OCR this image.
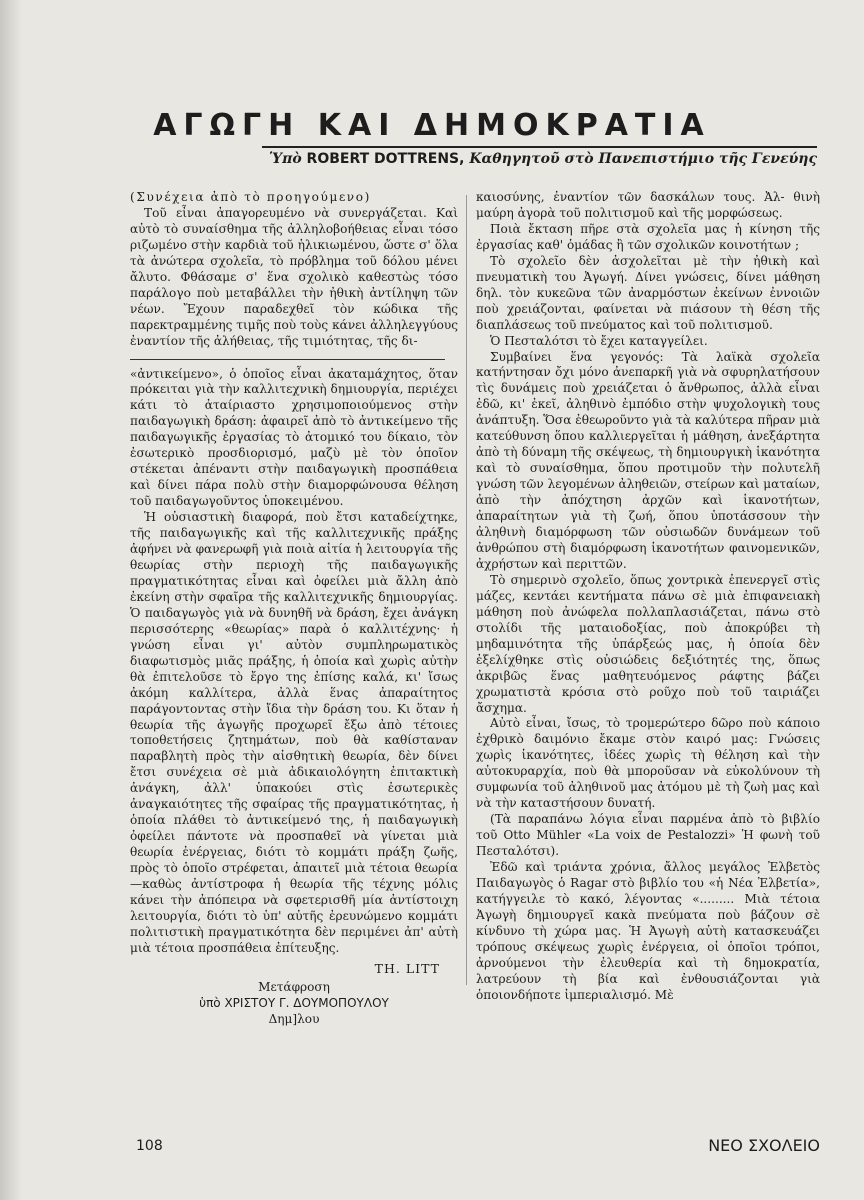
ΑΓΩΓΗ ΚΑΙ ΔΗΜΟΚΡΑΤΙΑ
Ὑπὸ ROBERT DOTTRENS, Καθηγητοῦ στὸ Πανεπιστήμιο τῆς Γενεύης

(Συνέχεια ἀπὸ τὸ προηγούμενο)

Τοῦ εἶναι ἀπαγορευμένο νὰ συνεργάζεται. Καὶ αὐτὸ τὸ συναίσθημα τῆς ἀλληλοβοήθειας εἶναι τόσο ριζωμένο στὴν καρδιὰ τοῦ ἡλικιωμένου, ὥστε σ' ὅλα τὰ ἀνώτερα σχολεῖα, τὸ πρόβλημα τοῦ δόλου μένει ἄλυτο. Φθάσαμε σ' ἕνα σχολικὸ καθεστὼς τόσο παράλογο ποὺ μεταβάλλει τὴν ἠθικὴ ἀντίληψη τῶν νέων. Ἔχουν παραδεχθεῖ τὸν κώδικα τῆς παρεκτραμμένης τιμῆς ποὺ τοὺς κάνει ἀλληλεγγύους ἐναντίον τῆς ἀλήθειας, τῆς τιμιότητας, τῆς δι-

«ἀντικείμενο», ὁ ὁποῖος εἶναι ἀκαταμάχητος, ὅταν πρόκειται γιὰ τὴν καλλιτεχνικὴ δημιουργία, περιέχει κάτι τὸ ἀταίριαστο χρησιμοποιούμενος στὴν παιδαγωγικὴ δράση: ἀφαιρεῖ ἀπὸ τὸ ἀντικείμενο τῆς παιδαγωγικῆς ἐργασίας τὸ ἀτομικό του δίκαιο, τὸν ἐσωτερικὸ προσδιορισμό, μαζὺ μὲ τὸν ὁποῖον στέκεται ἀπέναντι στὴν παιδαγωγικὴ προσπάθεια καὶ δίνει πάρα πολὺ στὴν διαμορφώνουσα θέληση τοῦ παιδαγωγοῦντος ὑποκειμένου.

Ἡ οὐσιαστικὴ διαφορά, ποὺ ἔτσι καταδείχτηκε, τῆς παιδαγωγικῆς καὶ τῆς καλλιτεχνικῆς πράξης ἀφήνει νὰ φανερωφῆ γιὰ ποιὰ αἰτία ἡ λειτουργία τῆς θεωρίας στὴν περιοχὴ τῆς παιδαγωγικῆς πραγματικότητας εἶναι καὶ ὀφείλει μιὰ ἄλλη ἀπὸ ἐκείνη στὴν σφαῖρα τῆς καλλιτεχνικῆς δημιουργίας. Ὁ παιδαγωγὸς γιὰ νὰ δυνηθῆ νὰ δράση, ἔχει ἀνάγκη περισσότερης «θεωρίας» παρὰ ὁ καλλιτέχνης· ἡ γνώση εἶναι γι' αὐτὸν συμπληρωματικὸς διαφωτισμὸς μιᾶς πράξης, ἡ ὁποία καὶ χωρὶς αὐτὴν θὰ ἐπιτελοῦσε τὸ ἔργο της ἐπίσης καλά, κι' ἴσως ἀκόμη καλλίτερα, ἀλλὰ ἕνας ἀπαραίτητος παράγοντοντας στὴν ἴδια τὴν δράση του. Κι ὅταν ἡ θεωρία τῆς ἀγωγῆς προχωρεῖ ἔξω ἀπὸ τέτοιες τοποθετήσεις ζητημάτων, ποὺ θὰ καθίσταναν παραβλητὴ πρὸς τὴν αἰσθητικὴ θεωρία, δὲν δίνει ἔτσι συνέχεια σὲ μιὰ ἀδικαιολόγητη ἐπιτακτικὴ ἀνάγκη, ἀλλ' ὑπακούει στὶς ἐσωτερικὲς ἀναγκαιότητες τῆς σφαίρας τῆς πραγματικότητας, ἡ ὁποία πλάθει τὸ ἀντικείμενό της, ἡ παιδαγωγικὴ ὀφείλει πάντοτε νὰ προσπαθεῖ νὰ γίνεται μιὰ θεωρία ἐνέργειας, διότι τὸ κομμάτι πράξη ζωῆς, πρὸς τὸ ὁποῖο στρέφεται, ἀπαιτεῖ μιὰ τέτοια θεωρία —καθὼς ἀντίστροφα ἡ θεωρία τῆς τέχνης μόλις κάνει τὴν ἀπόπειρα νὰ σφετερισθῆ μία ἀντίστοιχη λειτουργία, διότι τὸ ὑπ' αὐτῆς ἐρευνώμενο κομμάτι πολιτιστικὴ πραγματικότητα δὲν περιμένει ἀπ' αὐτὴ μιὰ τέτοια προσπάθεια ἐπίτευξης.

ΤΗ. LITT
Μετάφροση
ὑπὸ ΧΡΙΣΤΟΥ Γ. ΔΟΥΜΟΠΟΥΛΟΥ
Δημ]λου

καιοσύνης, ἐναντίον τῶν δασκάλων τους. Ἀλ- θινὴ μαύρη ἀγορὰ τοῦ πολιτισμοῦ καὶ τῆς μορφώσεως.

Ποιὰ ἔκταση πῆρε στὰ σχολεῖα μας ἡ κίνηση τῆς ἐργασίας καθ' ὁμάδας ἢ τῶν σχολικῶν κοινοτήτων ;

Τὸ σχολεῖο δὲν ἀσχολεῖται μὲ τὴν ἠθικὴ καὶ πνευματικὴ του Ἀγωγή. Δίνει γνώσεις, δίνει μάθηση δηλ. τὸν κυκεῶνα τῶν ἀναρμόστων ἐκείνων ἐννοιῶν ποὺ χρειάζονται, φαίνεται νὰ πιάσουν τὴ θέση τῆς διαπλάσεως τοῦ πνεύματος καὶ τοῦ πολιτισμοῦ.

Ὁ Πεσταλότσι τὸ ἔχει καταγγείλει.

Συμβαίνει ἕνα γεγονός: Τὰ λαϊκὰ σχολεῖα κατήντησαν ὄχι μόνο ἀνεπαρκῆ γιὰ νὰ σφυρηλατήσουν τὶς δυνάμεις ποὺ χρειάζεται ὁ ἄνθρωπος, ἀλλὰ εἶναι ἐδῶ, κι' ἐκεῖ, ἀληθινὸ ἐμπόδιο στὴν ψυχολογικὴ τους ἀνάπτυξη. Ὅσα ἐθεωροῦντο γιὰ τὰ καλύτερα πῆραν μιὰ κατεύθυνση ὅπου καλλιεργεῖται ἡ μάθηση, ἀνεξάρτητα ἀπὸ τὴ δύναμη τῆς σκέψεως, τὴ δημιουργικὴ ἱκανότητα καὶ τὸ συναίσθημα, ὅπου προτιμοῦν τὴν πολυτελῆ γνώση τῶν λεγομένων ἀληθειῶν, στείρων καὶ ματαίων, ἀπὸ τὴν ἀπόχτηση ἀρχῶν καὶ ἱκανοτήτων, ἀπαραίτητων γιὰ τὴ ζωή, ὅπου ὑποτάσσουν τὴν ἀληθινὴ διαμόρφωση τῶν οὐσιωδῶν δυνάμεων τοῦ ἀνθρώπου στὴ διαμόρφωση ἱκανοτήτων φαινομενικῶν, ἀχρήστων καὶ περιττῶν.

Τὸ σημερινὸ σχολεῖο, ὅπως χοντρικὰ ἐπενεργεῖ στὶς μάζες, κεντάει κεντήματα πάνω σὲ μιὰ ἐπιφανειακὴ μάθηση ποὺ ἀνώφελα πολλαπλασιάζεται, πάνω στὸ στολίδι τῆς ματαιοδοξίας, ποὺ ἀποκρύβει τὴ μηδαμινότητα τῆς ὑπάρξεώς μας, ἡ ὁποία δὲν ἐξελίχθηκε στὶς οὐσιώδεις δεξιότητές της, ὅπως ἀκριβῶς ἕνας μαθητευόμενος ράφτης βάζει χρωματιστὰ κρόσια στὸ ροῦχο ποὺ τοῦ ταιριάζει ἄσχημα.

Αὐτὸ εἶναι, ἴσως, τὸ τρομερώτερο δῶρο ποὺ κάποιο ἐχθρικὸ δαιμόνιο ἔκαμε στὸν καιρό μας: Γνώσεις χωρὶς ἱκανότητες, ἰδέες χωρὶς τὴ θέληση καὶ τὴν αὐτοκυραρχία, ποὺ θὰ μποροῦσαν νὰ εὐκολύνουν τὴ συμφωνία τοῦ ἀληθινοῦ μας ἀτόμου μὲ τὴ ζωὴ μας καὶ νὰ τὴν καταστήσουν δυνατή.

(Τὰ παραπάνω λόγια εἶναι παρμένα ἀπὸ τὸ βιβλίο τοῦ Otto Mühler «La voix de Pestalozzi» Ἡ φωνὴ τοῦ Πεσταλότσι).

Ἐδῶ καὶ τριάντα χρόνια, ἄλλος μεγάλος Ἐλβετὸς Παιδαγωγὸς ὁ Ragar στὸ βιβλίο του «ἡ Νέα Ἐλβετία», κατήγγειλε τὸ κακό, λέγοντας «......... Μιὰ τέτοια Ἀγωγὴ δημιουργεῖ κακὰ πνεύματα ποὺ βάζουν σὲ κίνδυνο τὴ χώρα μας. Ἡ Ἀγωγὴ αὐτὴ κατασκευάζει τρόπους σκέψεως χωρὶς ἐνέργεια, οἱ ὁποῖοι τρόποι, ἀρνούμενοι τὴν ἐλευθερία καὶ τὴ δημοκρατία, λατρεύουν τὴ βία καὶ ἐνθουσιάζονται γιὰ ὁποιονδήποτε ἰμπεριαλισμό. Μὲ

108	ΝΕΟ ΣΧΟΛΕΙΟ
